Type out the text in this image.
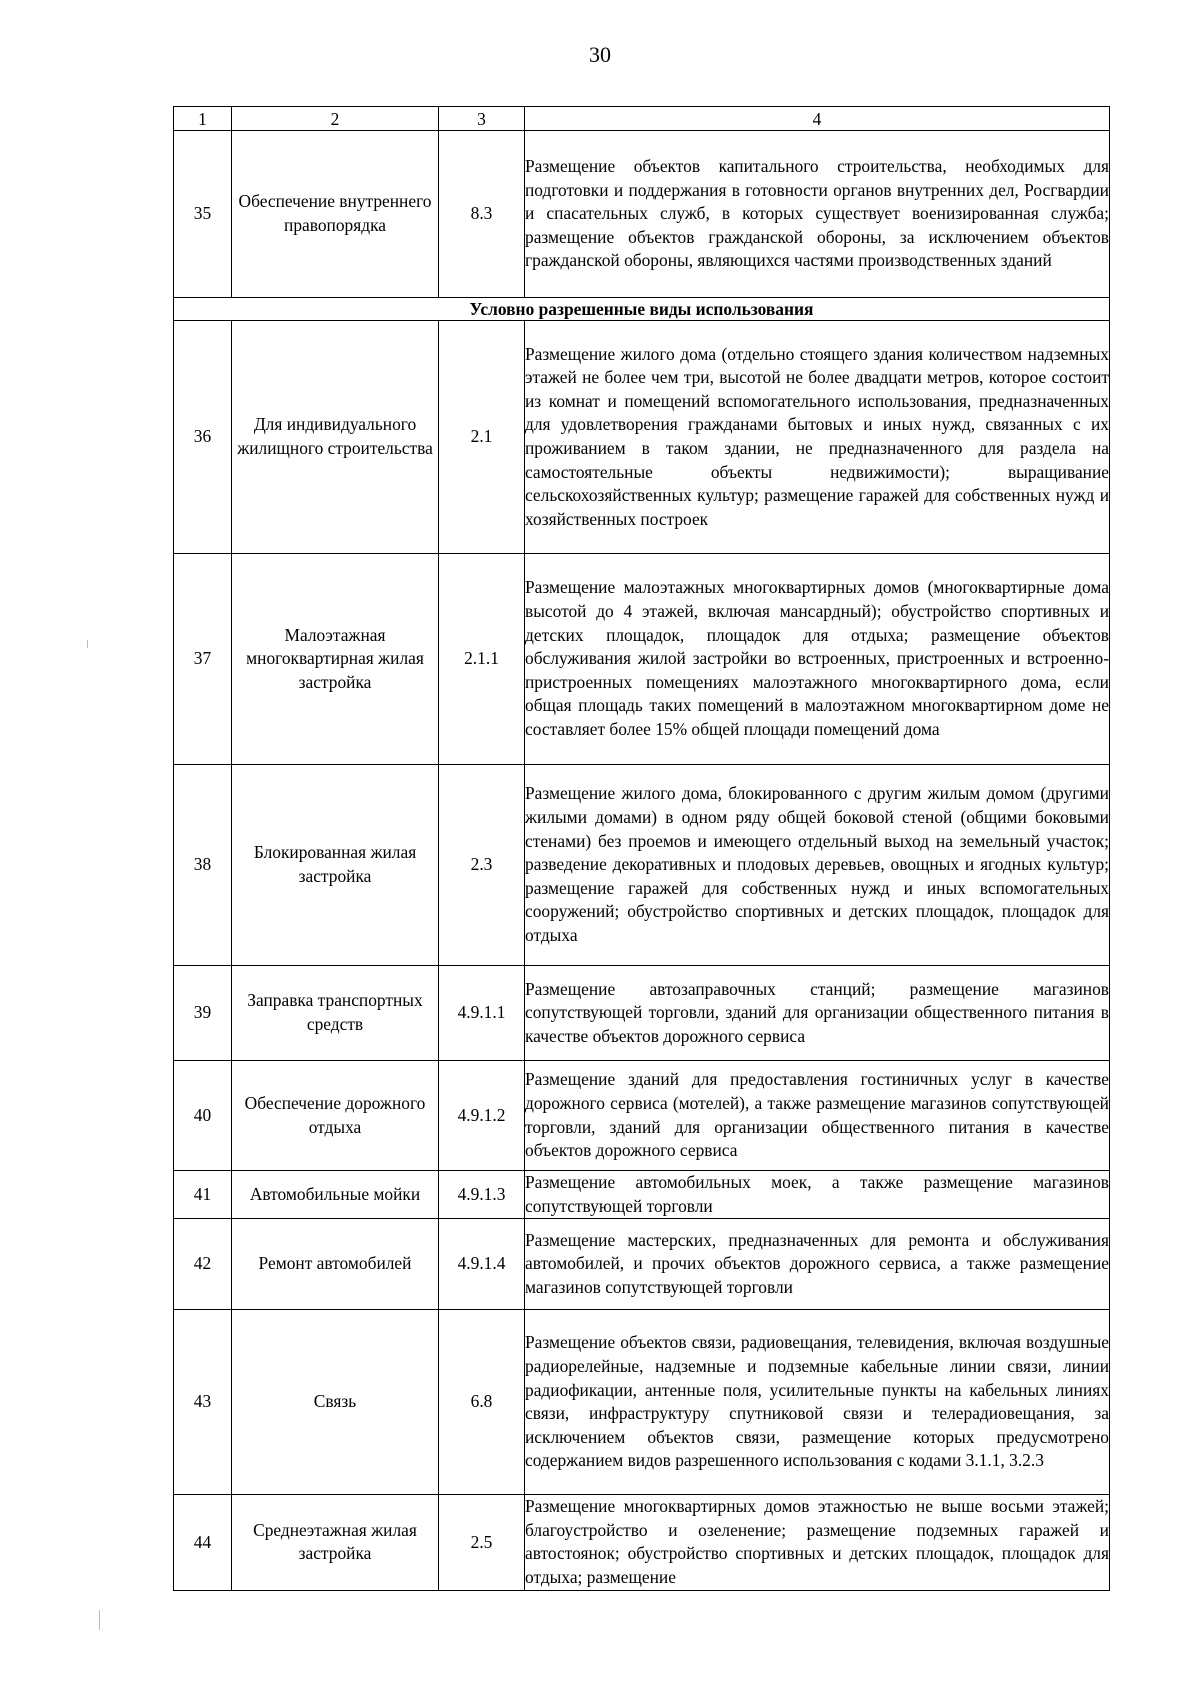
30
1	2	3	4
35	Обеспечение внутреннего правопорядка	8.3	Размещение объектов капитального строительства, необходимых для подготовки и поддержания в готовности органов внутренних дел, Росгвардии и спасательных служб, в которых существует военизированная служба; размещение объектов гражданской обороны, за исключением объектов гражданской обороны, являющихся частями производственных зданий
Условно разрешенные виды использования			
36	Для индивидуального жилищного строительства	2.1	Размещение жилого дома (отдельно стоящего здания количеством надземных этажей не более чем три, высотой не более двадцати метров, которое состоит из комнат и помещений вспомогательного использования, предназначенных для удовлетворения гражданами бытовых и иных нужд, связанных с их проживанием в таком здании, не предназначенного для раздела на самостоятельные объекты недвижимости); выращивание сельскохозяйственных культур; размещение гаражей для собственных нужд и хозяйственных построек
37	Малоэтажная многоквартирная жилая застройка	2.1.1	Размещение малоэтажных многоквартирных домов (многоквартирные дома высотой до 4 этажей, включая мансардный); обустройство спортивных и детских площадок, площадок для отдыха; размещение объектов обслуживания жилой застройки во встроенных, пристроенных и встроенно-пристроенных помещениях малоэтажного многоквартирного дома, если общая площадь таких помещений в малоэтажном многоквартирном доме не составляет более 15% общей площади помещений дома
38	Блокированная жилая застройка	2.3	Размещение жилого дома, блокированного с другим жилым домом (другими жилыми домами) в одном ряду общей боковой стеной (общими боковыми стенами) без проемов и имеющего отдельный выход на земельный участок; разведение декоративных и плодовых деревьев, овощных и ягодных культур; размещение гаражей для собственных нужд и иных вспомогательных сооружений; обустройство спортивных и детских площадок, площадок для отдыха
39	Заправка транспортных средств	4.9.1.1	Размещение автозаправочных станций; размещение магазинов сопутствующей торговли, зданий для организации общественного питания в качестве объектов дорожного сервиса
40	Обеспечение дорожного отдыха	4.9.1.2	Размещение зданий для предоставления гостиничных услуг в качестве дорожного сервиса (мотелей), а также размещение магазинов сопутствующей торговли, зданий для организации общественного питания в качестве объектов дорожного сервиса
41	Автомобильные мойки	4.9.1.3	Размещение автомобильных моек, а также размещение магазинов сопутствующей торговли
42	Ремонт автомобилей	4.9.1.4	Размещение мастерских, предназначенных для ремонта и обслуживания автомобилей, и прочих объектов дорожного сервиса, а также размещение магазинов сопутствующей торговли
43	Связь	6.8	Размещение объектов связи, радиовещания, телевидения, включая воздушные радиорелейные, надземные и подземные кабельные линии связи, линии радиофикации, антенные поля, усилительные пункты на кабельных линиях связи, инфраструктуру спутниковой связи и телерадиовещания, за исключением объектов связи, размещение которых предусмотрено содержанием видов разрешенного использования с кодами 3.1.1, 3.2.3
44	Среднеэтажная жилая застройка	2.5	Размещение многоквартирных домов этажностью не выше восьми этажей; благоустройство и озеленение; размещение подземных гаражей и автостоянок; обустройство спортивных и детских площадок, площадок для отдыха; размещение
